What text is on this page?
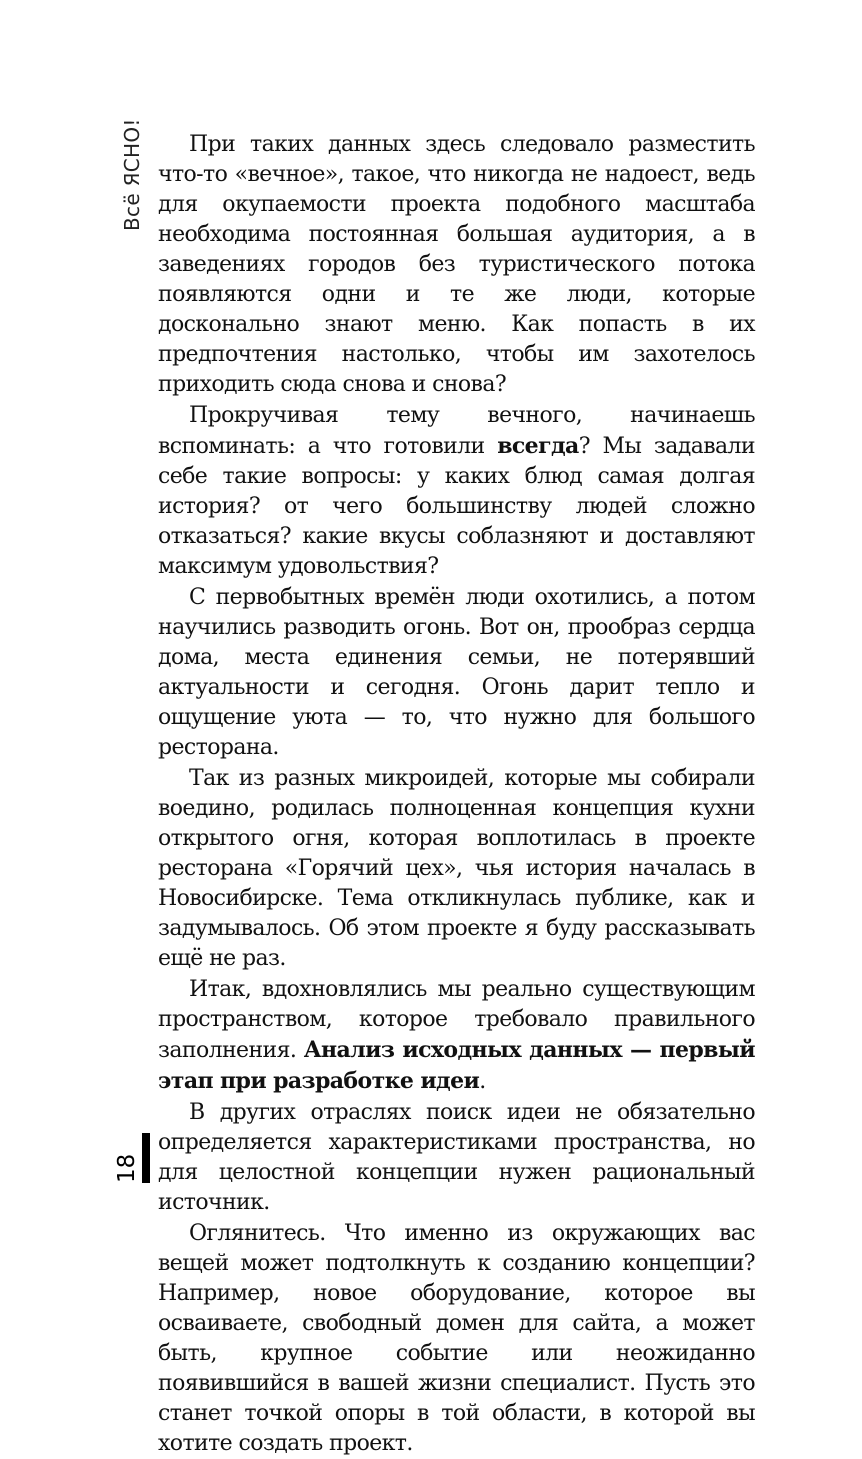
Всё ЯСНО!
18

При таких данных здесь следовало разместить что-то «вечное», такое, что никогда не надоест, ведь для окупаемости проекта подобного масштаба необходима постоянная большая аудитория, а в заведениях городов без туристического потока появляются одни и те же люди, которые досконально знают меню. Как попасть в их предпочтения настолько, чтобы им захотелось приходить сюда снова и снова?

Прокручивая тему вечного, начинаешь вспоминать: а что готовили всегда? Мы задавали себе такие вопросы: у каких блюд самая долгая история? от чего большинству людей сложно отказаться? какие вкусы соблазняют и доставляют максимум удовольствия?

С первобытных времён люди охотились, а потом научились разводить огонь. Вот он, прообраз сердца дома, места единения семьи, не потерявший актуальности и сегодня. Огонь дарит тепло и ощущение уюта — то, что нужно для большого ресторана.

Так из разных микроидей, которые мы собирали воедино, родилась полноценная концепция кухни открытого огня, которая воплотилась в проекте ресторана «Горячий цех», чья история началась в Новосибирске. Тема откликнулась публике, как и задумывалось. Об этом проекте я буду рассказывать ещё не раз.

Итак, вдохновлялись мы реально существующим пространством, которое требовало правильного заполнения. Анализ исходных данных — первый этап при разработке идеи.

В других отраслях поиск идеи не обязательно определяется характеристиками пространства, но для целостной концепции нужен рациональный источник.

Оглянитесь. Что именно из окружающих вас вещей может подтолкнуть к созданию концепции? Например, новое оборудование, которое вы осваиваете, свободный домен для сайта, а может быть, крупное событие или неожиданно появившийся в вашей жизни специалист. Пусть это станет точкой опоры в той области, в которой вы хотите создать проект.
